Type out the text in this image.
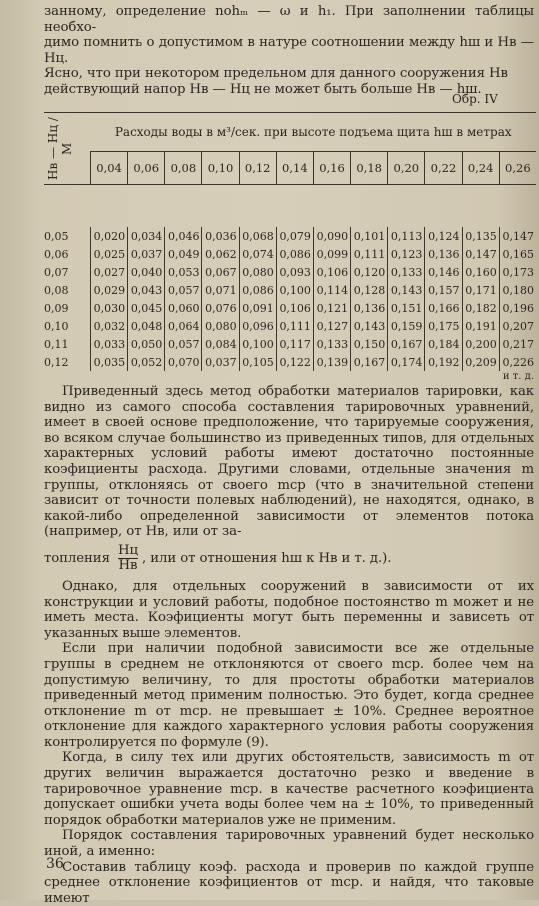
занному, определение nohₘ — ω и h₁. При заполнении таблицы необхо-

димо помнить о допустимом в натуре соотношении между hш и Нв — Нц.

Ясно, что при некотором предельном для данного сооружения Нв

действующий напор Нв — Нц не может быть больше Нв — hш.

Обр. IV
Нв — Нц / М	Расходы воды в м³/сек. при высоте подъема щита hш в метрах											
	0,04	0,06	0,08	0,10	0,12	0,14	0,16	0,18	0,20	0,22	0,24	0,26

0,05	0,020	0,034	0,046	0,036	0,068	0,079	0,090	0,101	0,113	0,124	0,135	0,147
0,06	0,025	0,037	0,049	0,062	0,074	0,086	0,099	0,111	0,123	0,136	0,147	0,165
0,07	0,027	0,040	0,053	0,067	0,080	0,093	0,106	0,120	0,133	0,146	0,160	0,173
0,08	0,029	0,043	0,057	0,071	0,086	0,100	0,114	0,128	0,143	0,157	0,171	0,180
0,09	0,030	0,045	0,060	0,076	0,091	0,106	0,121	0,136	0,151	0,166	0,182	0,196
0,10	0,032	0,048	0,064	0,080	0,096	0,111	0,127	0,143	0,159	0,175	0,191	0,207
0,11	0,033	0,050	0,057	0,084	0,100	0,117	0,133	0,150	0,167	0,184	0,200	0,217
0,12	0,035	0,052	0,070	0,037	0,105	0,122	0,139	0,167	0,174	0,192	0,209	0,226
и т. д.												

Приведенный здесь метод обработки материалов тарировки, как видно из самого способа составления тарировочных уравнений, имеет в своей основе предположение, что тарируемые сооружения, во всяком случае большинство из приведенных типов, для отдельных характерных условий работы имеют достаточно постоянные коэфициенты расхода. Другими словами, отдельные значения m группы, отклоняясь от своего mср (что в значительной степени зависит от точности полевых наблюдений), не находятся, однако, в какой-либо определенной зависимости от элементов потока (например, от Нв, или от за-

топления $\frac{Нц}{Нв}$ , или от отношения hш к Нв и т. д.).

Однако, для отдельных сооружений в зависимости от их конструкции и условий работы, подобное постоянство m может и не иметь места. Коэфициенты могут быть переменны и зависеть от указанных выше элементов.

Если при наличии подобной зависимости все же отдельные группы в среднем не отклоняются от своего mср. более чем на допустимую величину, то для простоты обработки материалов приведенный метод применим полностью. Это будет, когда среднее отклонение m от mср. не превышает ± 10%. Среднее вероятное отклонение для каждого характерного условия работы сооружения контролируется по формуле (9).

Когда, в силу тех или других обстоятельств, зависимость m от других величин выражается достаточно резко и введение в тарировочное уравнение mср. в качестве расчетного коэфициента допускает ошибки учета воды более чем на ± 10%, то приведенный порядок обработки материалов уже не применим.

Порядок составления тарировочных уравнений будет несколько иной, а именно:

Составив таблицу коэф. расхода и проверив по каждой группе среднее отклонение коэфициентов от mср. и найдя, что таковые имеют

36
